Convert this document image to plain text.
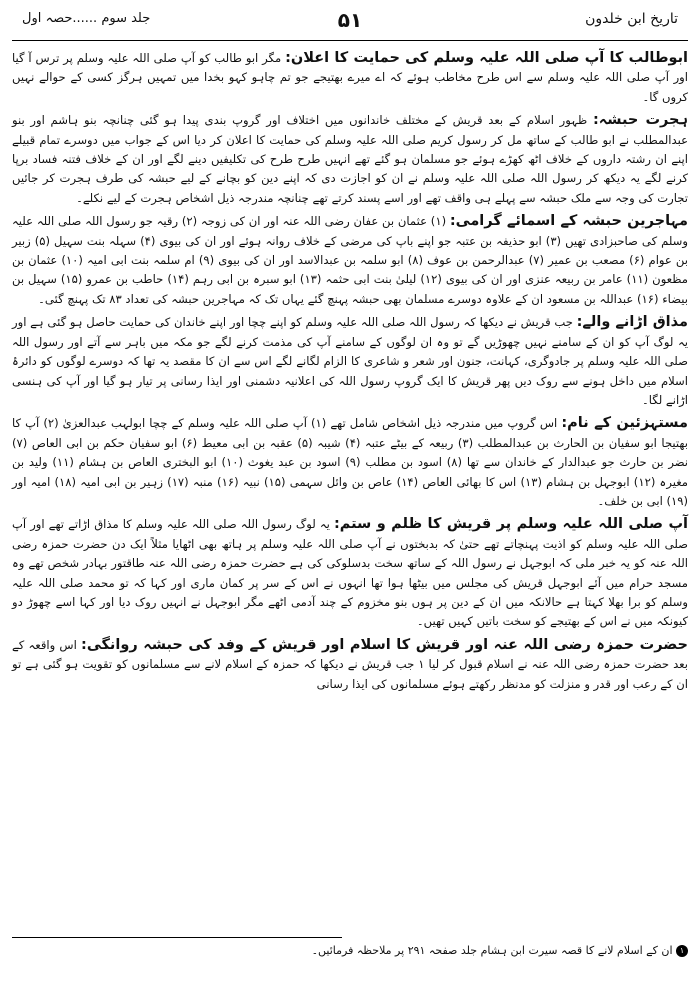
تاریخ ابن خلدون
۵۱
جلد سوم ......حصہ اول

ابوطالب کا آپ صلی اللہ علیہ وسلم کی حمایت کا اعلان: مگر ابو طالب کو آپ صلی اللہ علیہ وسلم پر ترس آ گیا اور آپ صلی اللہ علیہ وسلم سے اس طرح مخاطب ہوئے کہ اے میرے بھتیجے جو تم چاہو کہو بخدا میں تمہیں ہرگز کسی کے حوالے نہیں کروں گا۔

ہجرت حبشہ: ظہور اسلام کے بعد قریش کے مختلف خاندانوں میں اختلاف اور گروپ بندی پیدا ہو گئی چنانچہ بنو ہاشم اور بنو عبدالمطلب نے ابو طالب کے ساتھ مل کر رسول کریم صلی اللہ علیہ وسلم کی حمایت کا اعلان کر دیا اس کے جواب میں دوسرے تمام قبیلے اپنے ان رشتہ داروں کے خلاف اٹھ کھڑے ہوئے جو مسلمان ہو گئے تھے انہیں طرح طرح کی تکلیفیں دینے لگے اور ان کے خلاف فتنہ فساد برپا کرنے لگے یہ دیکھ کر رسول اللہ صلی اللہ علیہ وسلم نے ان کو اجازت دی کہ اپنے دین کو بچانے کے لیے حبشہ کی طرف ہجرت کر جائیں تجارت کی وجہ سے ملک حبشہ سے پہلے ہی واقف تھے اور اسے پسند کرتے تھے چنانچہ مندرجہ ذیل اشخاص ہجرت کے لیے نکلے۔

مہاجرین حبشہ کے اسمائے گرامی: (۱) عثمان بن عفان رضی اللہ عنہ اور ان کی زوجہ (۲) رقیہ جو رسول اللہ صلی اللہ علیہ وسلم کی صاحبزادی تھیں (۳) ابو حذیفہ بن عتبہ جو اپنے باپ کی مرضی کے خلاف روانہ ہوئے اور ان کی بیوی (۴) سہلہ بنت سہیل (۵) زبیر بن عوام (۶) مصعب بن عمیر (۷) عبدالرحمن بن عوف (۸) ابو سلمہ بن عبدالاسد اور ان کی بیوی (۹) ام سلمہ بنت ابی امیہ (۱۰) عثمان بن مظعون (۱۱) عامر بن ربیعہ عنزی اور ان کی بیوی (۱۲) لیلیٰ بنت ابی حثمہ (۱۳) ابو سبرہ بن ابی رہم (۱۴) حاطب بن عمرو (۱۵) سہیل بن بیضاء (۱۶) عبداللہ بن مسعود ان کے علاوہ دوسرے مسلمان بھی حبشہ پہنچ گئے یہاں تک کہ مہاجرین حبشہ کی تعداد ۸۳ تک پہنچ گئی۔

مذاق اڑانے والے: جب قریش نے دیکھا کہ رسول اللہ صلی اللہ علیہ وسلم کو اپنے چچا اور اپنے خاندان کی حمایت حاصل ہو گئی ہے اور یہ لوگ آپ کو ان کے سامنے نہیں چھوڑیں گے تو وہ ان لوگوں کے سامنے آپ کی مذمت کرنے لگے جو مکہ میں باہر سے آتے اور رسول اللہ صلی اللہ علیہ وسلم پر جادوگری، کہانت، جنون اور شعر و شاعری کا الزام لگانے لگے اس سے ان کا مقصد یہ تھا کہ دوسرے لوگوں کو دائرۂ اسلام میں داخل ہونے سے روک دیں پھر قریش کا ایک گروپ رسول اللہ کی اعلانیہ دشمنی اور ایذا رسانی پر تیار ہو گیا اور آپ کی ہنسی اڑانے لگا۔

مستہزئین کے نام: اس گروپ میں مندرجہ ذیل اشخاص شامل تھے (۱) آپ صلی اللہ علیہ وسلم کے چچا ابولہب عبدالعزیٰ (۲) آپ کا بھتیجا ابو سفیان بن الحارث بن عبدالمطلب (۳) ربیعہ کے بیٹے عتبہ (۴) شیبہ (۵) عقبہ بن ابی معیط (۶) ابو سفیان حکم بن ابی العاص (۷) نضر بن حارث جو عبدالدار کے خاندان سے تھا (۸) اسود بن مطلب (۹) اسود بن عبد یغوث (۱۰) ابو البختری العاص بن ہشام (۱۱) ولید بن مغیرہ (۱۲) ابوجہل بن ہشام (۱۳) اس کا بھائی العاص (۱۴) عاص بن وائل سہمی (۱۵) نبیہ (۱۶) منبہ (۱۷) زہیر بن ابی امیہ (۱۸) امیہ اور (۱۹) ابی بن خلف۔

آپ صلی اللہ علیہ وسلم پر قریش کا ظلم و ستم: یہ لوگ رسول اللہ صلی اللہ علیہ وسلم کا مذاق اڑاتے تھے اور آپ صلی اللہ علیہ وسلم کو اذیت پہنچاتے تھے حتیٰ کہ بدبختوں نے آپ صلی اللہ علیہ وسلم پر ہاتھ بھی اٹھایا مثلاً ایک دن حضرت حمزہ رضی اللہ عنہ کو یہ خبر ملی کہ ابوجہل نے رسول اللہ کے ساتھ سخت بدسلوکی کی ہے حضرت حمزہ رضی اللہ عنہ طاقتور بہادر شخص تھے وہ مسجد حرام میں آئے ابوجہل قریش کی مجلس میں بیٹھا ہوا تھا انہوں نے اس کے سر پر کمان ماری اور کہا کہ تو محمد صلی اللہ علیہ وسلم کو برا بھلا کہتا ہے حالانکہ میں ان کے دین پر ہوں بنو مخزوم کے چند آدمی اٹھے مگر ابوجہل نے انہیں روک دیا اور کہا اسے چھوڑ دو کیونکہ میں نے اس کے بھتیجے کو سخت باتیں کہیں تھیں۔

حضرت حمزہ رضی اللہ عنہ اور قریش کا اسلام اور قریش کے وفد کی حبشہ روانگی: اس واقعہ کے بعد حضرت حمزہ رضی اللہ عنہ نے اسلام قبول کر لیا ۱ جب قریش نے دیکھا کہ حمزہ کے اسلام لانے سے مسلمانوں کو تقویت ہو گئی ہے تو ان کے رعب اور قدر و منزلت کو مدنظر رکھتے ہوئے مسلمانوں کی ایذا رسانی

۱ ان کے اسلام لانے کا قصہ سیرت ابن ہشام جلد صفحہ ۲۹۱ پر ملاحظہ فرمائیں۔
